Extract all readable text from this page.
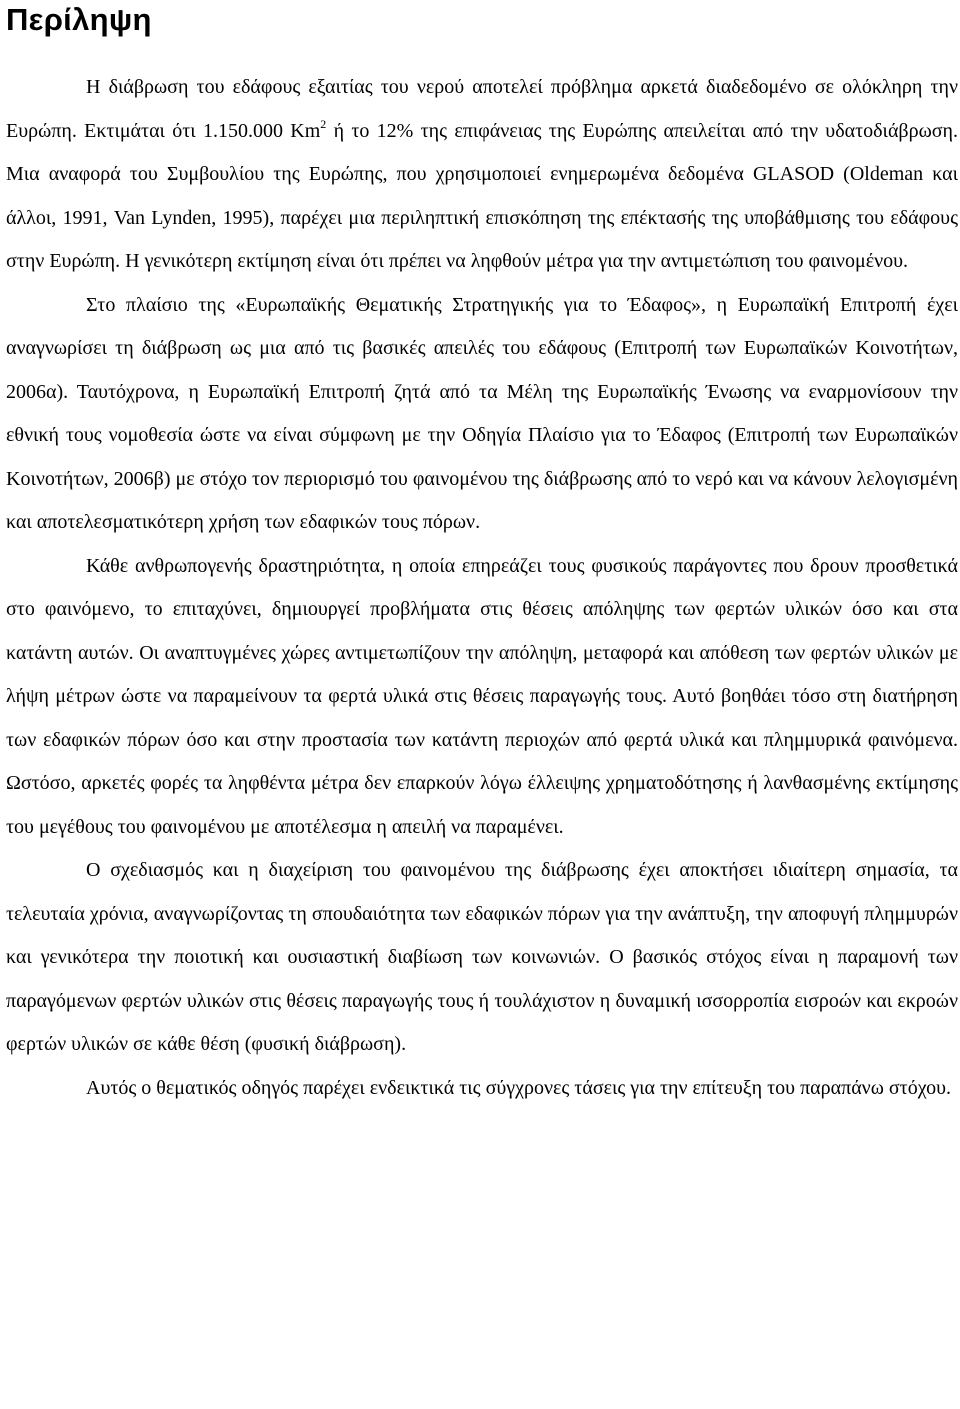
Περίληψη

Η διάβρωση του εδάφους εξαιτίας του νερού αποτελεί πρόβλημα αρκετά διαδεδομένο σε ολόκληρη την Ευρώπη. Εκτιμάται ότι 1.150.000 Km$^2$ ή το 12% της επιφάνειας της Ευρώπης απειλείται από την υδατοδιάβρωση. Μια αναφορά του Συμβουλίου της Ευρώπης, που χρησιμοποιεί ενημερωμένα δεδομένα GLASOD (Oldeman και άλλοι, 1991, Van Lynden, 1995), παρέχει μια περιληπτική επισκόπηση της επέκτασής της υποβάθμισης του εδάφους στην Ευρώπη. Η γενικότερη εκτίμηση είναι ότι πρέπει να ληφθούν μέτρα για την αντιμετώπιση του φαινομένου.

Στο πλαίσιο της «Ευρωπαϊκής Θεματικής Στρατηγικής για το Έδαφος», η Ευρωπαϊκή Επιτροπή έχει αναγνωρίσει τη διάβρωση ως μια από τις βασικές απειλές του εδάφους (Επιτροπή των Ευρωπαϊκών Κοινοτήτων, 2006α). Ταυτόχρονα, η Ευρωπαϊκή Επιτροπή ζητά από τα Μέλη της Ευρωπαϊκής Ένωσης να εναρμονίσουν την εθνική τους νομοθεσία ώστε να είναι σύμφωνη με την Οδηγία Πλαίσιο για το Έδαφος (Επιτροπή των Ευρωπαϊκών Κοινοτήτων, 2006β) με στόχο τον περιορισμό του φαινομένου της διάβρωσης από το νερό και να κάνουν λελογισμένη και αποτελεσματικότερη χρήση των εδαφικών τους πόρων.

Κάθε ανθρωπογενής δραστηριότητα, η οποία επηρεάζει τους φυσικούς παράγοντες που δρουν προσθετικά στο φαινόμενο, το επιταχύνει, δημιουργεί προβλήματα στις θέσεις απόληψης των φερτών υλικών όσο και στα κατάντη αυτών. Οι αναπτυγμένες χώρες αντιμετωπίζουν την απόληψη, μεταφορά και απόθεση των φερτών υλικών με λήψη μέτρων ώστε να παραμείνουν τα φερτά υλικά στις θέσεις παραγωγής τους. Αυτό βοηθάει τόσο στη διατήρηση των εδαφικών πόρων όσο και στην προστασία των κατάντη περιοχών από φερτά υλικά και πλημμυρικά φαινόμενα. Ωστόσο, αρκετές φορές τα ληφθέντα μέτρα δεν επαρκούν λόγω έλλειψης χρηματοδότησης ή λανθασμένης εκτίμησης του μεγέθους του φαινομένου με αποτέλεσμα η απειλή να παραμένει.

Ο σχεδιασμός και η διαχείριση του φαινομένου της διάβρωσης έχει αποκτήσει ιδιαίτερη σημασία, τα τελευταία χρόνια, αναγνωρίζοντας τη σπουδαιότητα των εδαφικών πόρων για την ανάπτυξη, την αποφυγή πλημμυρών και γενικότερα την ποιοτική και ουσιαστική διαβίωση των κοινωνιών. Ο βασικός στόχος είναι η παραμονή των παραγόμενων φερτών υλικών στις θέσεις παραγωγής τους ή τουλάχιστον η δυναμική ισσορροπία εισροών και εκροών φερτών υλικών σε κάθε θέση (φυσική διάβρωση).

Αυτός ο θεματικός οδηγός παρέχει ενδεικτικά τις σύγχρονες τάσεις για την επίτευξη του παραπάνω στόχου.
